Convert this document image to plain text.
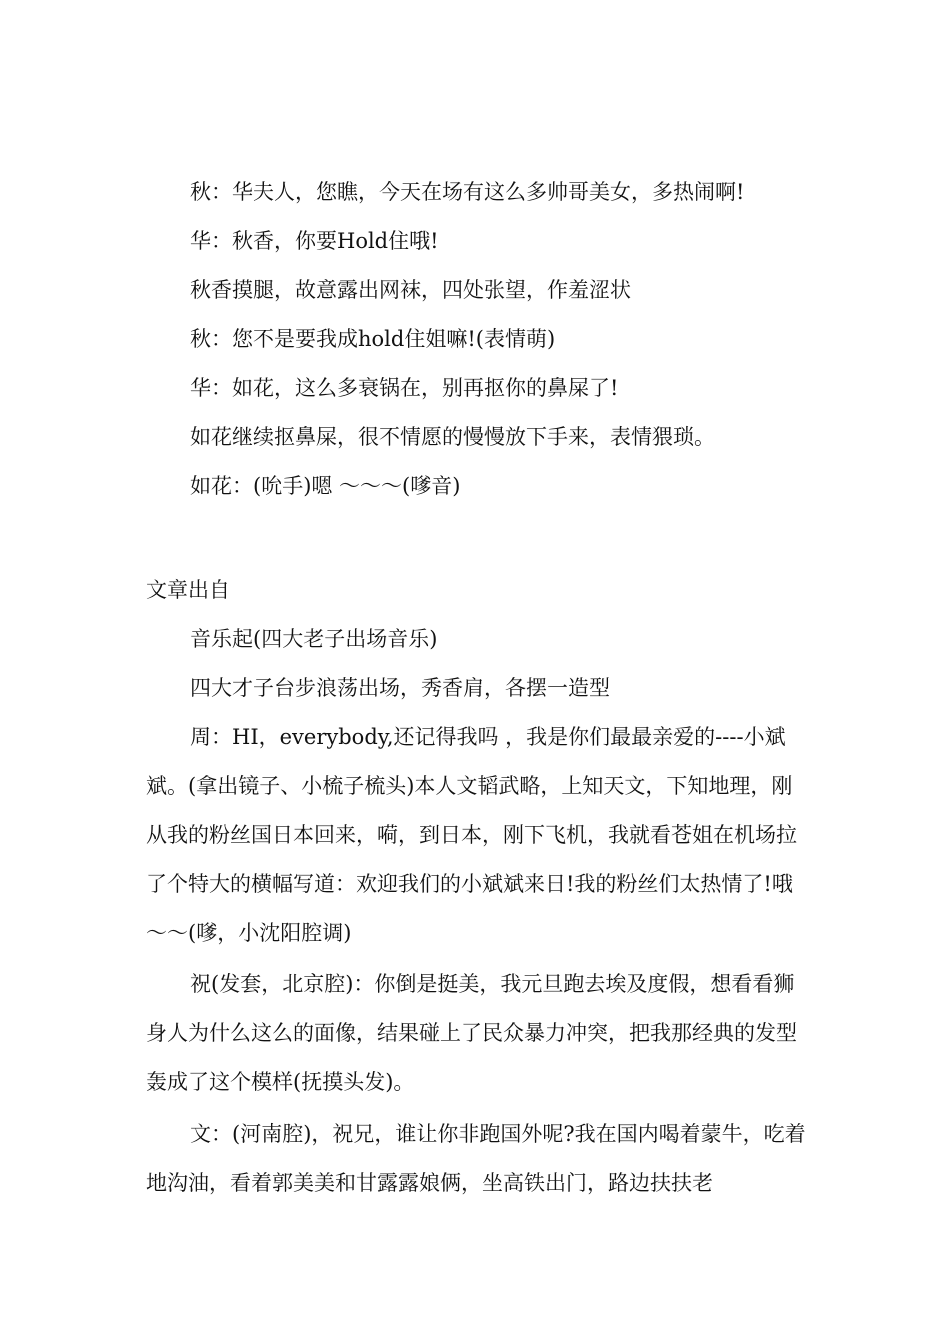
秋：华夫人，您瞧，今天在场有这么多帅哥美女，多热闹啊!

华：秋香，你要Hold住哦!

秋香摸腿，故意露出网袜，四处张望，作羞涩状

秋：您不是要我成hold住姐嘛!(表情萌)

华：如花，这么多衰锅在，别再抠你的鼻屎了!

如花继续抠鼻屎，很不情愿的慢慢放下手来，表情猥琐。

如花：(吮手)嗯 ～～～(嗲音)

文章出自

音乐起(四大老子出场音乐)

四大才子台步浪荡出场，秀香肩，各摆一造型

周：HI，everybody,还记得我吗 ，我是你们最最亲爱的----小斌斌。(拿出镜子、小梳子梳头)本人文韬武略，上知天文，下知地理，刚从我的粉丝国日本回来，嗬，到日本，刚下飞机，我就看苍姐在机场拉了个特大的横幅写道：欢迎我们的小斌斌来日!我的粉丝们太热情了!哦～～(嗲，小沈阳腔调)

祝(发套，北京腔)：你倒是挺美，我元旦跑去埃及度假，想看看狮身人为什么这么的面像，结果碰上了民众暴力冲突，把我那经典的发型轰成了这个模样(抚摸头发)。

文：(河南腔)，祝兄，谁让你非跑国外呢?我在国内喝着蒙牛，吃着地沟油，看着郭美美和甘露露娘俩，坐高铁出门，路边扶扶老
